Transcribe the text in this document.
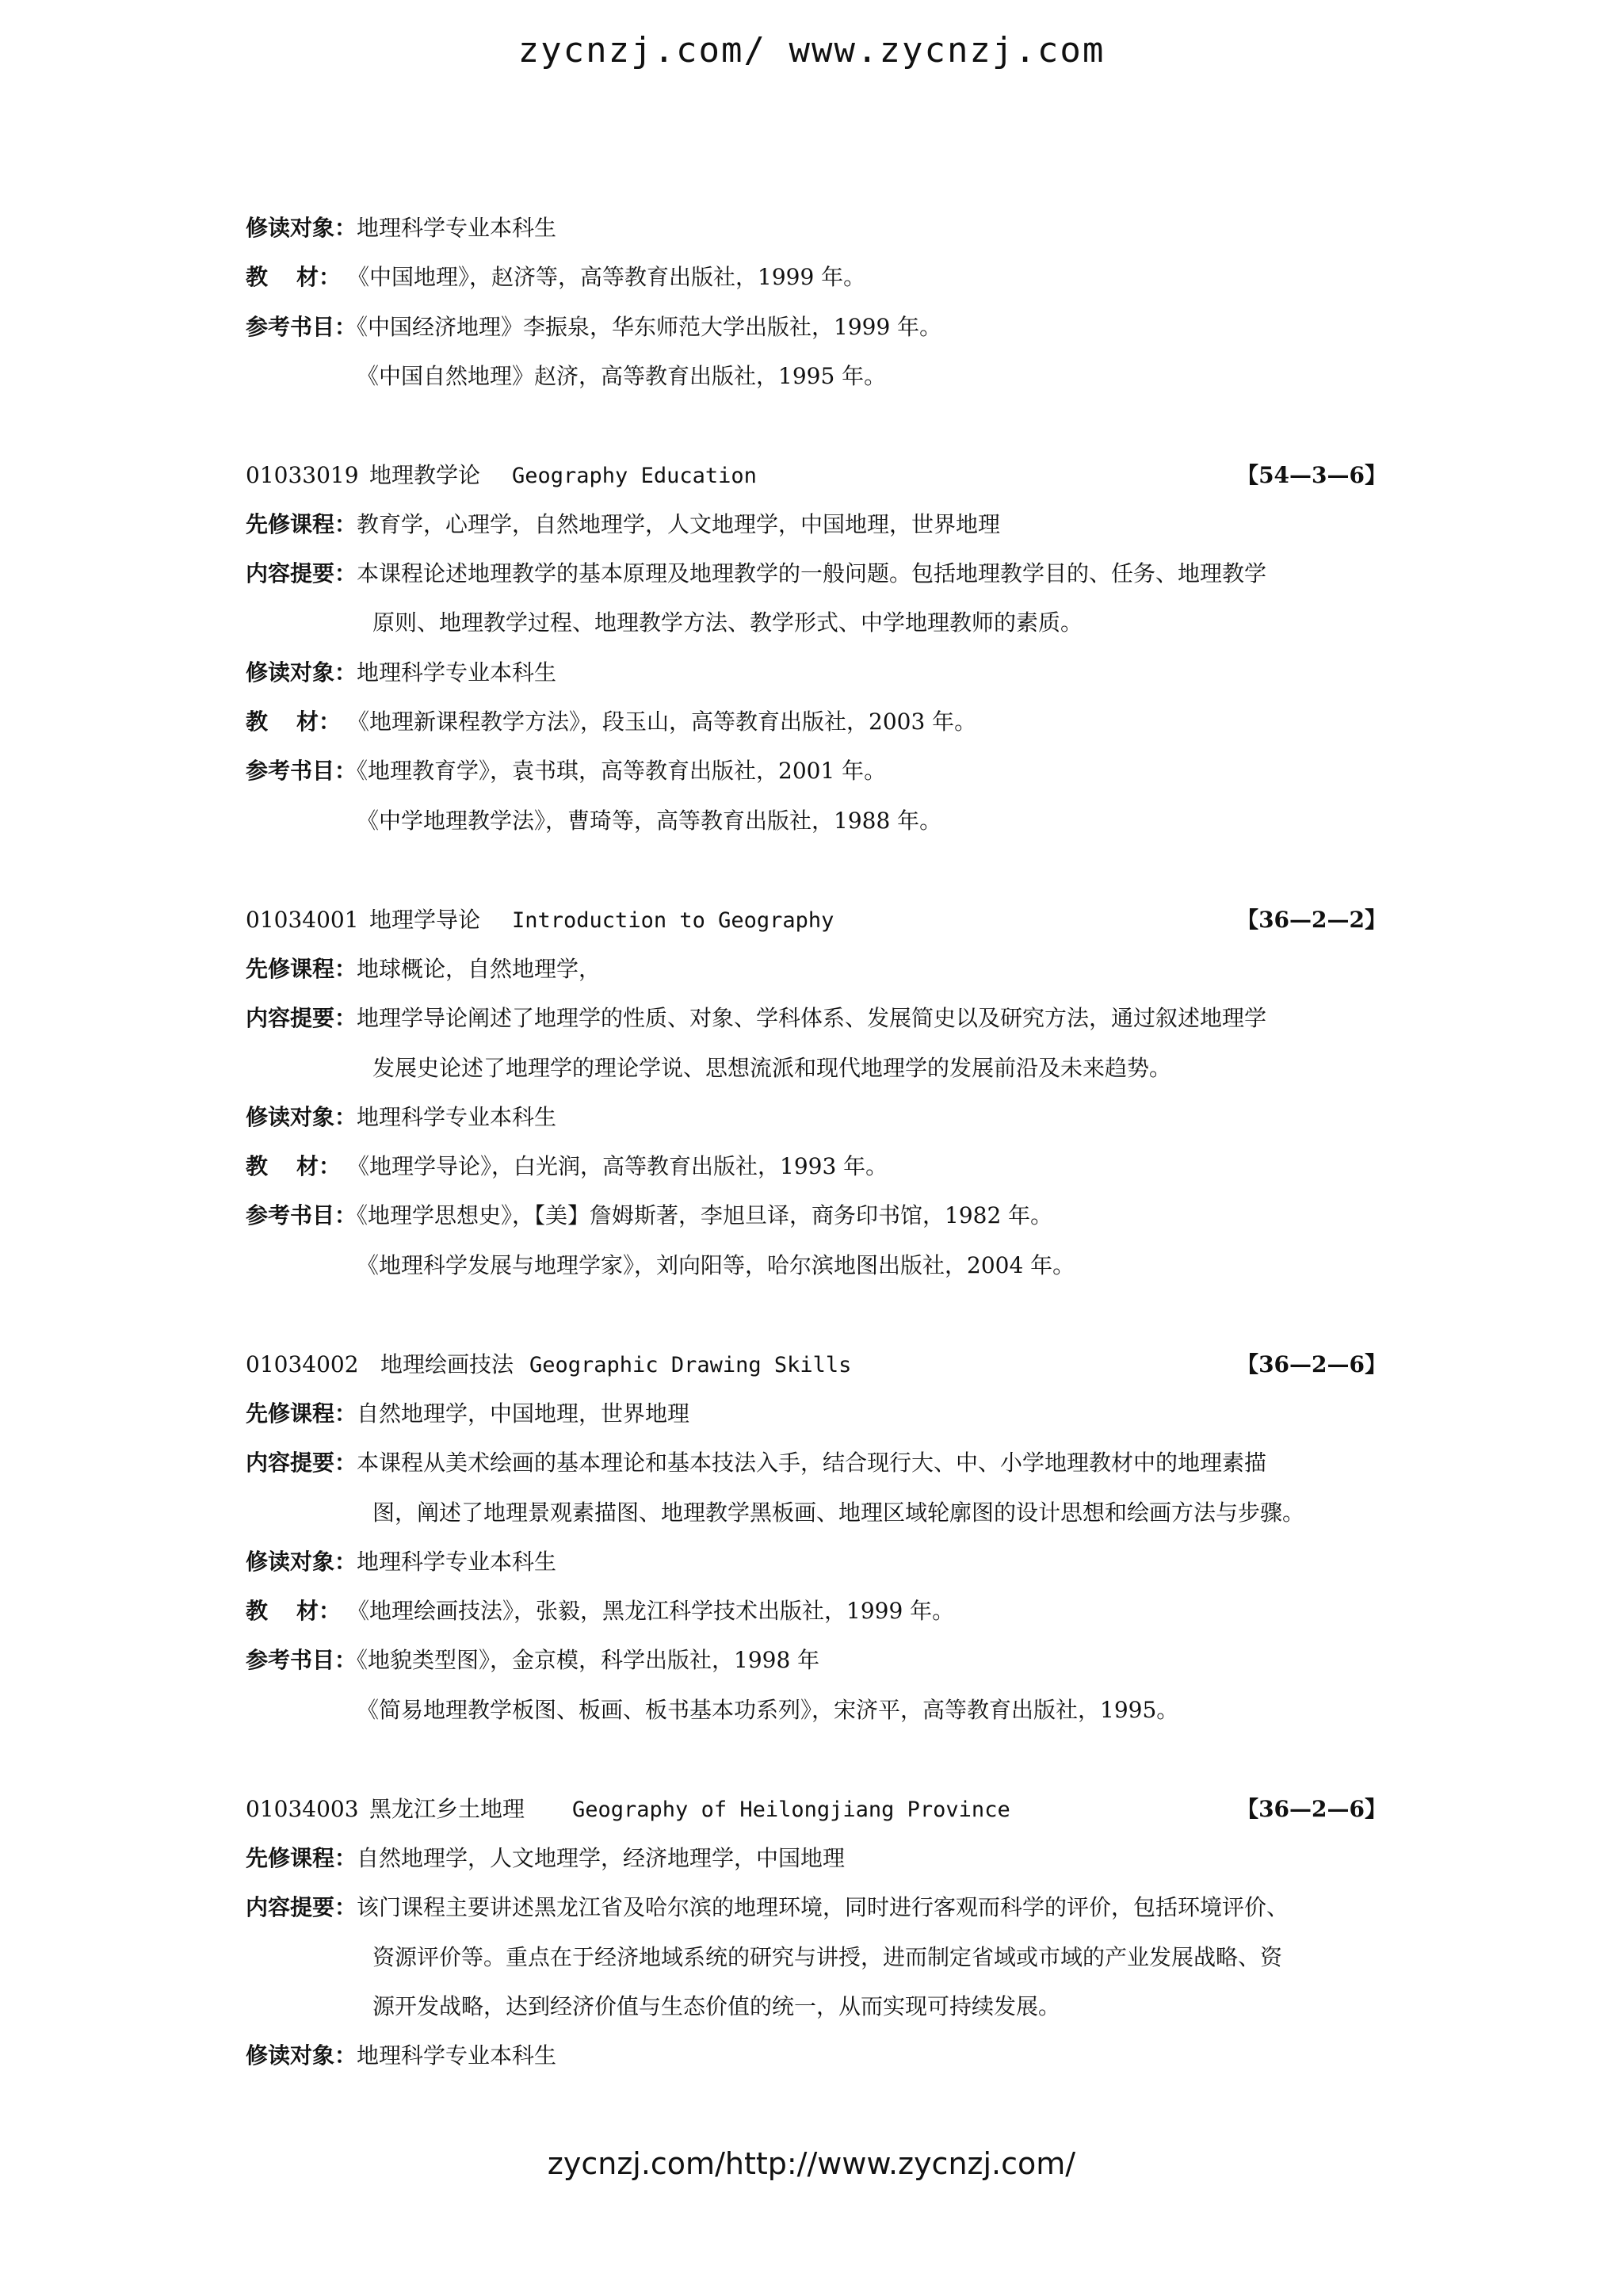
zycnzj.com/ www.zycnzj.com
修读对象：地理科学专业本科生
教 材： 《中国地理》，赵济等，高等教育出版社，1999 年。
参考书目：《中国经济地理》李振泉，华东师范大学出版社，1999 年。
《中国自然地理》赵济，高等教育出版社，1995 年。
01033019 地理教学论 Geography Education	【54—3—6】
先修课程：教育学，心理学，自然地理学，人文地理学，中国地理，世界地理
内容提要：本课程论述地理教学的基本原理及地理教学的一般问题。包括地理教学目的、任务、地理教学
原则、地理教学过程、地理教学方法、教学形式、中学地理教师的素质。
修读对象：地理科学专业本科生
教 材： 《地理新课程教学方法》，段玉山，高等教育出版社，2003 年。
参考书目：《地理教育学》，袁书琪，高等教育出版社，2001 年。
《中学地理教学法》，曹琦等，高等教育出版社，1988 年。
01034001 地理学导论 Introduction to Geography	【36—2—2】
先修课程：地球概论，自然地理学，
内容提要：地理学导论阐述了地理学的性质、对象、学科体系、发展简史以及研究方法，通过叙述地理学
发展史论述了地理学的理论学说、思想流派和现代地理学的发展前沿及未来趋势。
修读对象：地理科学专业本科生
教 材： 《地理学导论》，白光润，高等教育出版社，1993 年。
参考书目：《地理学思想史》，【美】詹姆斯著，李旭旦译，商务印书馆，1982 年。
《地理科学发展与地理学家》，刘向阳等，哈尔滨地图出版社，2004 年。
01034002 地理绘画技法 Geographic Drawing Skills	【36—2—6】
先修课程：自然地理学，中国地理，世界地理
内容提要：本课程从美术绘画的基本理论和基本技法入手，结合现行大、中、小学地理教材中的地理素描
图，阐述了地理景观素描图、地理教学黑板画、地理区域轮廓图的设计思想和绘画方法与步骤。
修读对象：地理科学专业本科生
教 材： 《地理绘画技法》，张毅，黑龙江科学技术出版社，1999 年。
参考书目：《地貌类型图》，金京模，科学出版社，1998 年
《简易地理教学板图、板画、板书基本功系列》，宋济平，高等教育出版社，1995。
01034003 黑龙江乡土地理 Geography of Heilongjiang Province	【36—2—6】
先修课程：自然地理学，人文地理学，经济地理学，中国地理
内容提要：该门课程主要讲述黑龙江省及哈尔滨的地理环境，同时进行客观而科学的评价，包括环境评价、
资源评价等。重点在于经济地域系统的研究与讲授，进而制定省域或市域的产业发展战略、资
源开发战略，达到经济价值与生态价值的统一，从而实现可持续发展。
修读对象：地理科学专业本科生
zycnzj.com/http://www.zycnzj.com/
